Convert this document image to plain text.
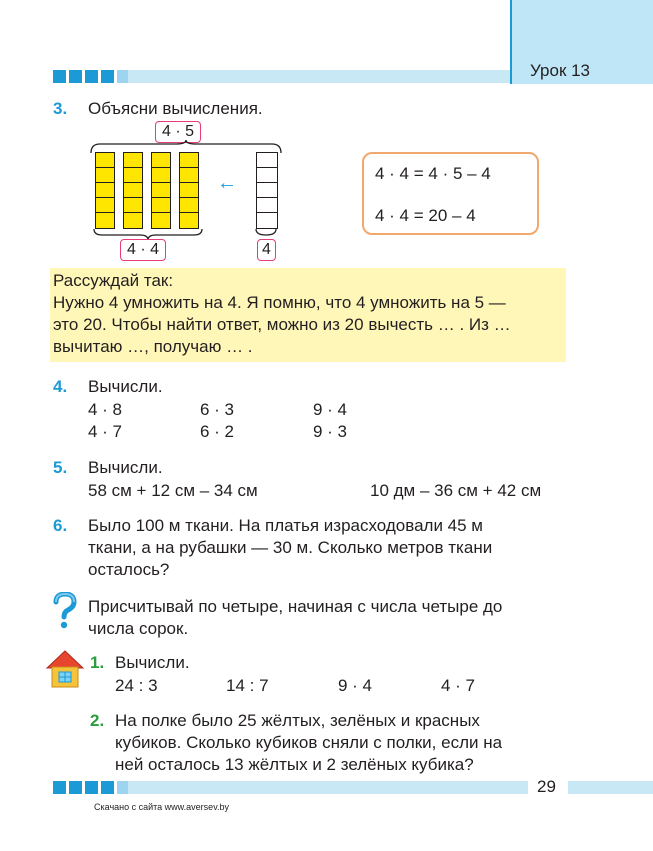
Урок 13
3. Объясни вычисления.
4 · 5
←
4 · 4	4
4 · 4 = 4 · 5 – 4
4 · 4 = 20 – 4
Рассуждай так:
Нужно 4 умножить на 4. Я помню, что 4 умножить на 5 —
это 20. Чтобы найти ответ, можно из 20 вычесть … . Из …
вычитаю …, получаю … .
4. Вычисли.
4 · 8	6 · 3	9 · 4
4 · 7	6 · 2	9 · 3
5. Вычисли.
58 см + 12 см – 34 см	10 дм – 36 см + 42 см
6. Было 100 м ткани. На платья израсходовали 45 м
ткани, а на рубашки — 30 м. Сколько метров ткани
осталось?
Присчитывай по четыре, начиная с числа четыре до
числа сорок.
1. Вычисли.
24 : 3	14 : 7	9 · 4	4 · 7
2. На полке было 25 жёлтых, зелёных и красных
кубиков. Сколько кубиков сняли с полки, если на
ней осталось 13 жёлтых и 2 зелёных кубика?
29
Скачано с сайта www.aversev.by
